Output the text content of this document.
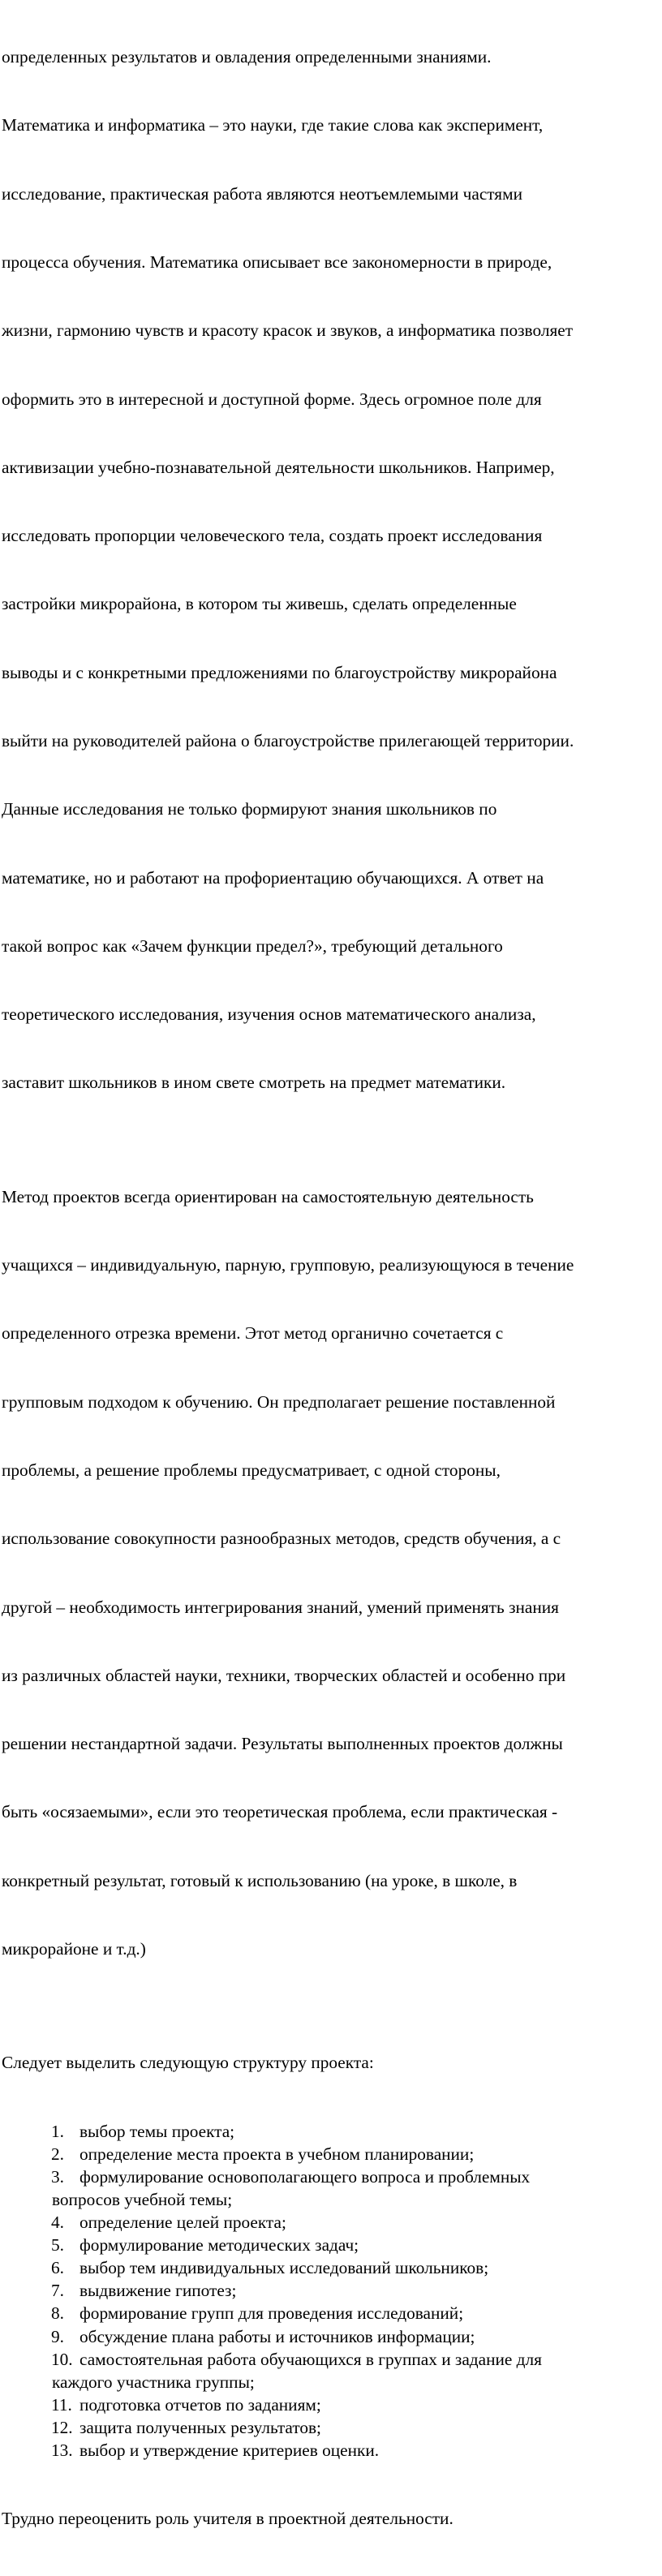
определенных результатов и овладения определенными знаниями.

Математика и информатика – это науки, где такие слова как эксперимент,

исследование, практическая работа являются неотъемлемыми частями

процесса обучения. Математика описывает все закономерности в природе,

жизни, гармонию чувств и красоту красок и звуков, а информатика позволяет

оформить это в интересной и доступной форме. Здесь огромное поле для

активизации учебно-познавательной деятельности школьников. Например,

исследовать пропорции человеческого тела, создать проект исследования

застройки микрорайона, в котором ты живешь, сделать определенные

выводы и с конкретными предложениями по благоустройству микрорайона

выйти на руководителей района о благоустройстве прилегающей территории.

Данные исследования не только формируют знания школьников по

математике, но и работают на профориентацию обучающихся. А ответ на

такой вопрос как «Зачем функции предел?», требующий детального

теоретического исследования, изучения основ математического анализа,

заставит школьников в ином свете смотреть на предмет математики.

Метод проектов всегда ориентирован на самостоятельную деятельность

учащихся – индивидуальную, парную, групповую, реализующуюся в течение

определенного отрезка времени. Этот метод органично сочетается с

групповым подходом к обучению. Он предполагает решение поставленной

проблемы, а решение проблемы предусматривает, с одной стороны,

использование совокупности разнообразных методов, средств обучения, а с

другой – необходимость интегрирования знаний, умений применять знания

из различных областей науки, техники, творческих областей и особенно при

решении нестандартной задачи. Результаты выполненных проектов должны

быть «осязаемыми», если это теоретическая проблема, если практическая -

конкретный результат, готовый к использованию (на уроке, в школе, в

микрорайоне и т.д.)

Следует выделить следующую структуру проекта:

1. выбор темы проекта;
2. определение места проекта в учебном планировании;
3. формулирование основополагающего вопроса и проблемных
вопросов учебной темы;
4. определение целей проекта;
5. формулирование методических задач;
6. выбор тем индивидуальных исследований школьников;
7. выдвижение гипотез;
8. формирование групп для проведения исследований;
9. обсуждение плана работы и источников информации;
10. самостоятельная работа обучающихся в группах и задание для
каждого участника группы;
11. подготовка отчетов по заданиям;
12. защита полученных результатов;
13. выбор и утверждение критериев оценки.

Трудно переоценить роль учителя в проектной деятельности.
